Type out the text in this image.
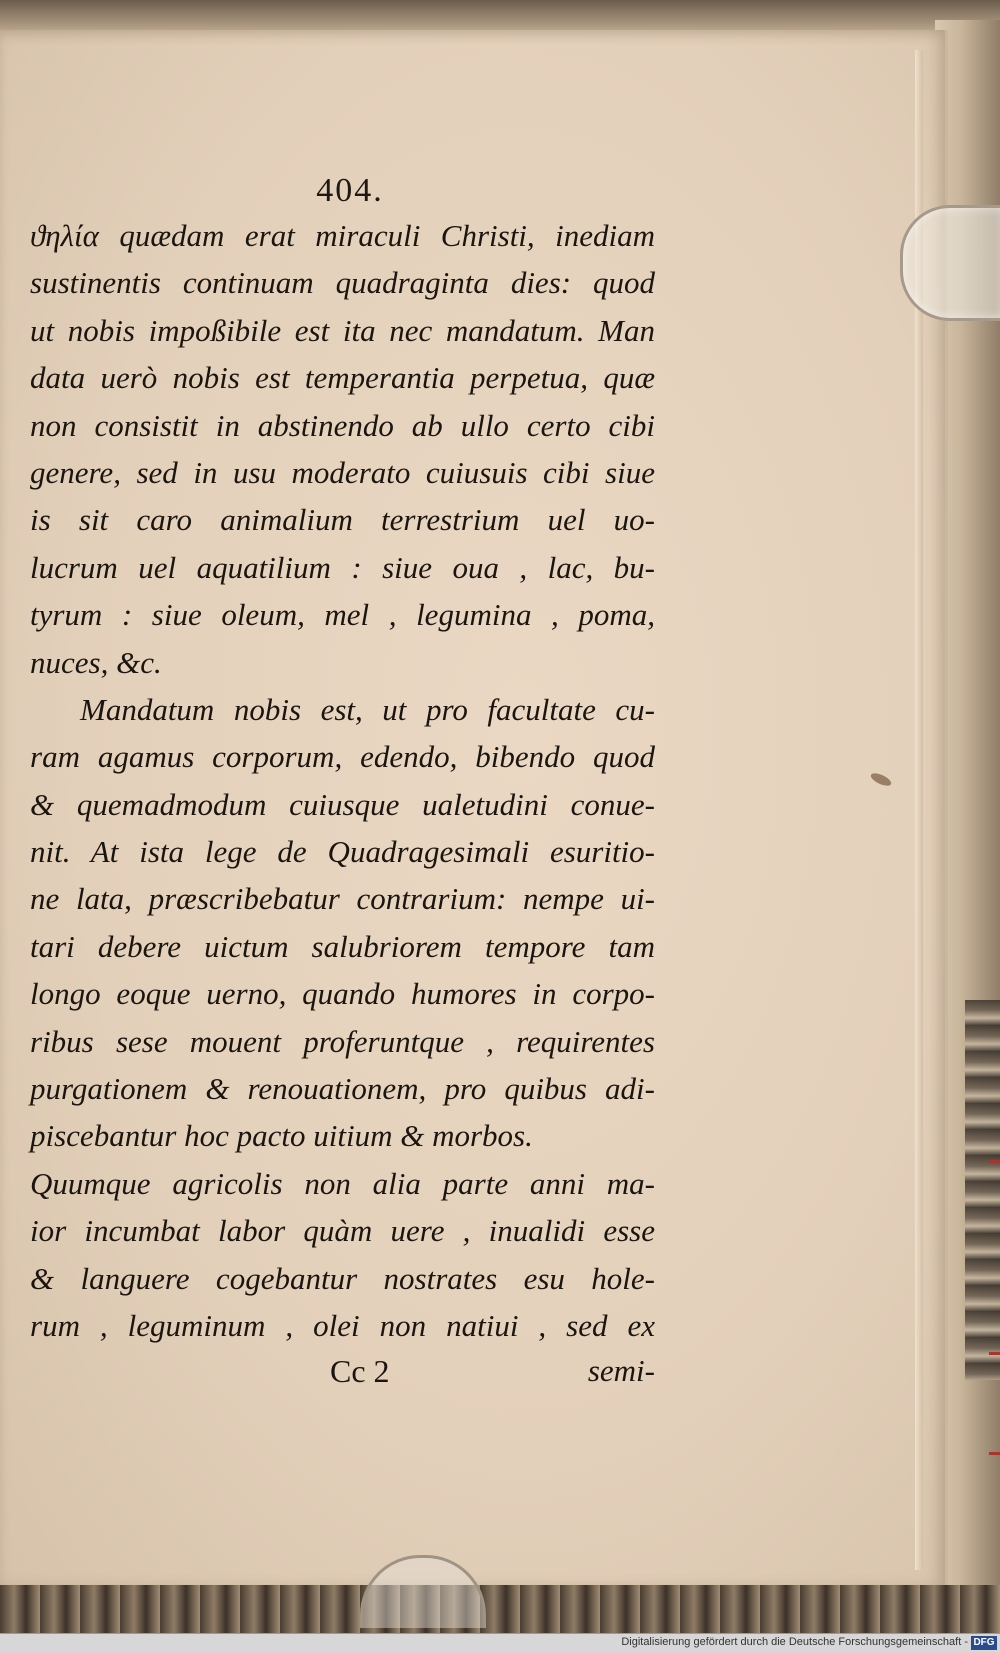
404.
ϑηλία quædam erat miraculi Christi, inediam
sustinentis continuam quadraginta dies: quod
ut nobis impoßibile est ita nec mandatum. Man
data uerò nobis est temperantia perpetua, quæ
non consistit in abstinendo ab ullo certo cibi
genere, sed in usu moderato cuiusuis cibi siue
is sit caro animalium terrestrium uel uo-
lucrum uel aquatilium : siue oua , lac, bu-
tyrum : siue oleum, mel , legumina , poma,
nuces, &c.
Mandatum nobis est, ut pro facultate cu-
ram agamus corporum, edendo, bibendo quod
& quemadmodum cuiusque ualetudini conue-
nit. At ista lege de Quadragesimali esuritio-
ne lata, præscribebatur contrarium: nempe ui-
tari debere uictum salubriorem tempore tam
longo eoque uerno, quando humores in corpo-
ribus sese mouent proferuntque , requirentes
purgationem & renouationem, pro quibus adi-
piscebantur hoc pacto uitium & morbos.
Quumque agricolis non alia parte anni ma-
ior incumbat labor quàm uere , inualidi esse
& languere cogebantur nostrates esu hole-
rum , leguminum , olei non natiui , sed ex
Cc 2	semi-
Digitalisierung gefördert durch die Deutsche Forschungsgemeinschaft - DFG
